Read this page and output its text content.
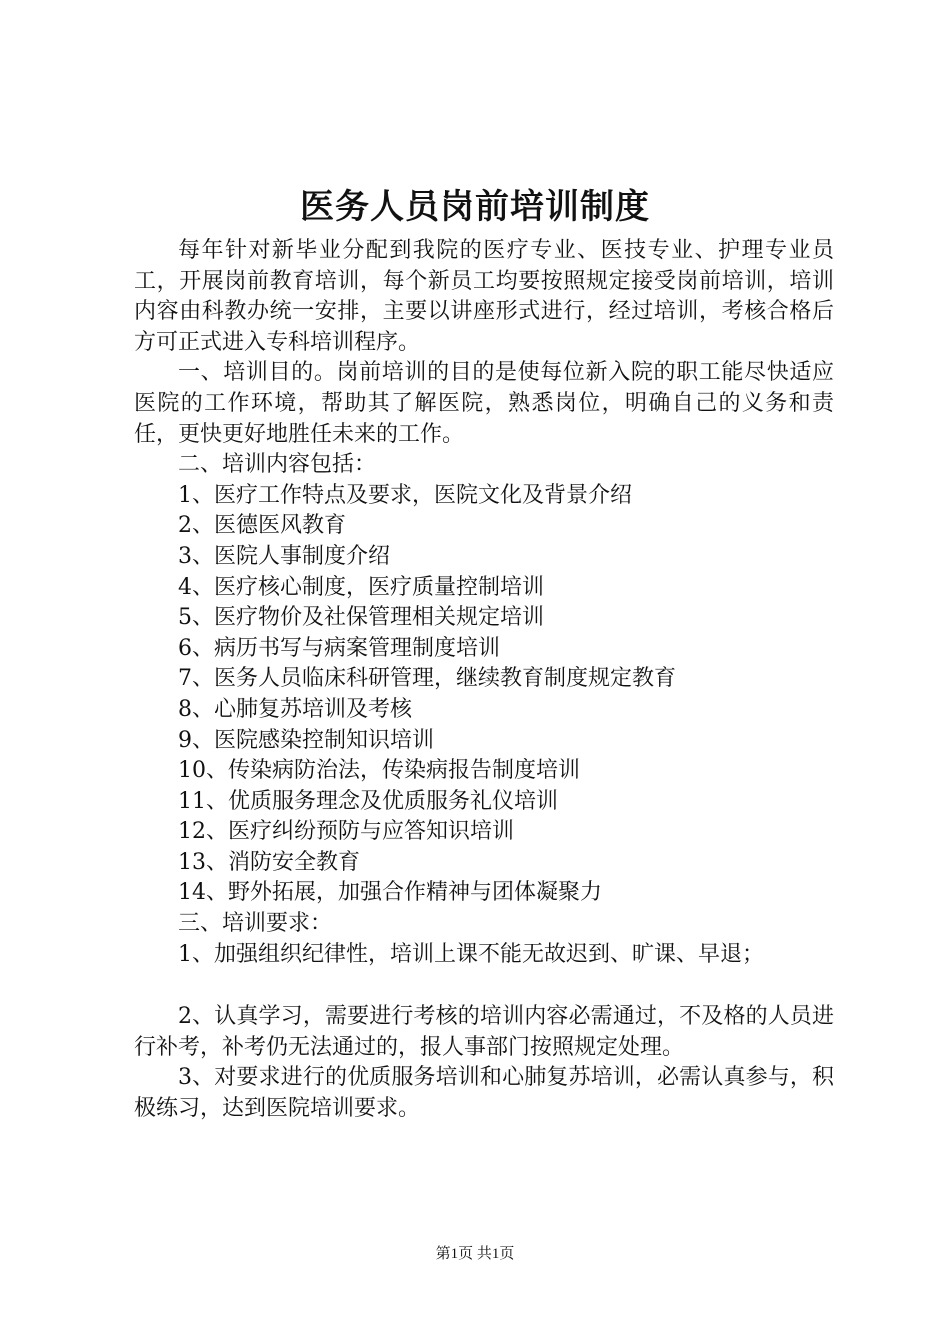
医务人员岗前培训制度

每年针对新毕业分配到我院的医疗专业、医技专业、护理专业员工，开展岗前教育培训，每个新员工均要按照规定接受岗前培训，培训内容由科教办统一安排，主要以讲座形式进行，经过培训，考核合格后方可正式进入专科培训程序。

一、培训目的。岗前培训的目的是使每位新入院的职工能尽快适应医院的工作环境，帮助其了解医院，熟悉岗位，明确自己的义务和责任，更快更好地胜任未来的工作。

二、培训内容包括：

1、医疗工作特点及要求，医院文化及背景介绍

2、医德医风教育

3、医院人事制度介绍

4、医疗核心制度，医疗质量控制培训

5、医疗物价及社保管理相关规定培训

6、病历书写与病案管理制度培训

7、医务人员临床科研管理，继续教育制度规定教育

8、心肺复苏培训及考核

9、医院感染控制知识培训

10、传染病防治法，传染病报告制度培训

11、优质服务理念及优质服务礼仪培训

12、医疗纠纷预防与应答知识培训

13、消防安全教育

14、野外拓展，加强合作精神与团体凝聚力

三、培训要求：

1、加强组织纪律性，培训上课不能无故迟到、旷课、早退；

2、认真学习，需要进行考核的培训内容必需通过，不及格的人员进行补考，补考仍无法通过的，报人事部门按照规定处理。

3、对要求进行的优质服务培训和心肺复苏培训，必需认真参与，积极练习，达到医院培训要求。

第1页 共1页
